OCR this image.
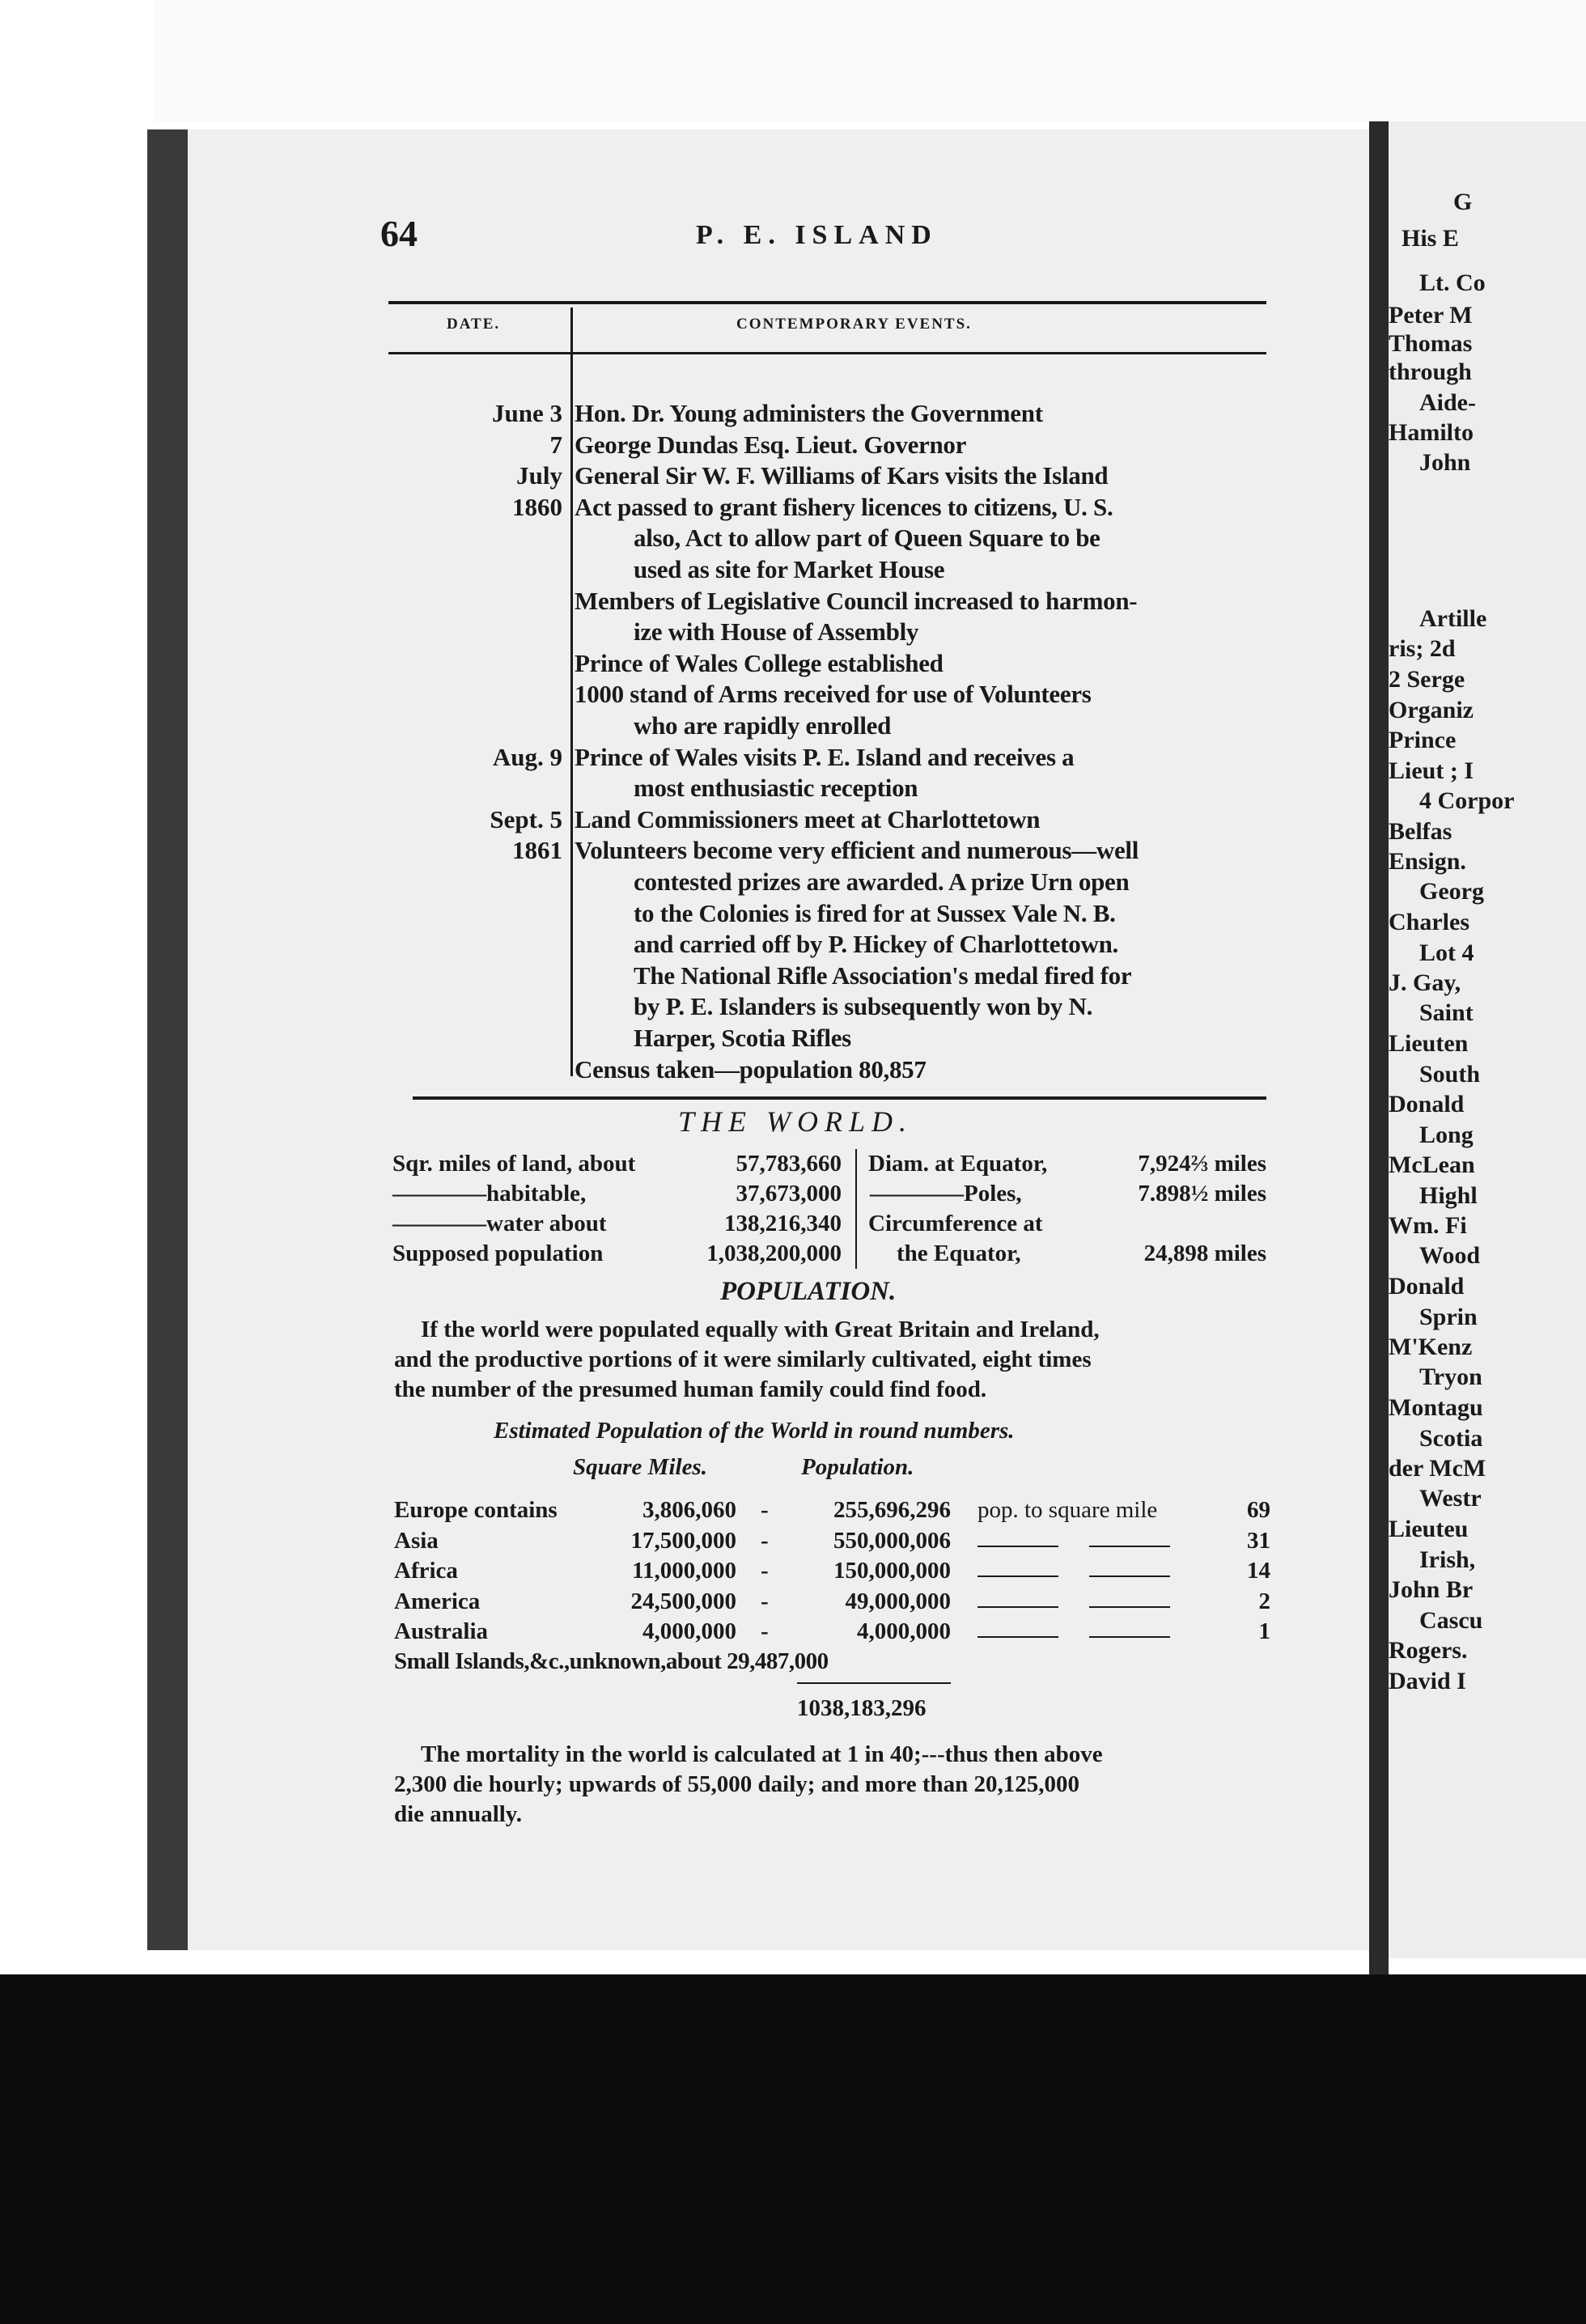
G
His E
Lt. Co
Peter M
Thomas
through
Aide-
Hamilto
John
Artille
ris; 2d
2 Serge
Organiz
Prince
Lieut ; I
4 Corpor
Belfas
Ensign.
Georg
Charles
Lot 4
J. Gay,
Saint
Lieuten
South
Donald
Long
McLean
Highl
Wm. Fi
Wood
Donald
Sprin
M'Kenz
Tryon
Montagu
Scotia
der McM
Westr
Lieuteu
Irish,
John Br
Cascu
Rogers.
David I
64	P. E. ISLAND
DATE.	CONTEMPORARY EVENTS.
June 3 Hon. Dr. Young administers the Government
7 George Dundas Esq. Lieut. Governor
July General Sir W. F. Williams of Kars visits the Island
1860 Act passed to grant fishery licences to citizens, U. S.
also, Act to allow part of Queen Square to be
used as site for Market House
Members of Legislative Council increased to harmon-
ize with House of Assembly
Prince of Wales College established
1000 stand of Arms received for use of Volunteers
who are rapidly enrolled
Aug. 9 Prince of Wales visits P. E. Island and receives a
most enthusiastic reception
Sept. 5 Land Commissioners meet at Charlottetown
1861 Volunteers become very efficient and numerous—well
contested prizes are awarded. A prize Urn open
to the Colonies is fired for at Sussex Vale N. B.
and carried off by P. Hickey of Charlottetown.
The National Rifle Association's medal fired for
by P. E. Islanders is subsequently won by N.
Harper, Scotia Rifles
Census taken—population 80,857
THE WORLD.
Sqr. miles of land, about	57,783,660
————habitable,	37,673,000
————water about	138,216,340
Supposed population	1,038,200,000
Diam. at Equator,	7,924⅔ miles
————Poles,	7.898½ miles
Circumference at
the Equator,	24,898 miles
POPULATION.
If the world were populated equally with Great Britain and Ireland,
and the productive portions of it were similarly cultivated, eight times
the number of the presumed human family could find food.
Estimated Population of the World in round numbers.
Square Miles.	Population.
Europe contains	3,806,060 -	255,696,296 pop. to square mile	69
Asia	17,500,000 -	550,000,006	31
Africa	11,000,000 -	150,000,000	14
America	24,500,000 -	49,000,000	2
Australia	4,000,000 -	4,000,000	1
Small Islands,&c.,unknown,about 29,487,000
1038,183,296
The mortality in the world is calculated at 1 in 40;---thus then above
2,300 die hourly; upwards of 55,000 daily; and more than 20,125,000
die annually.
